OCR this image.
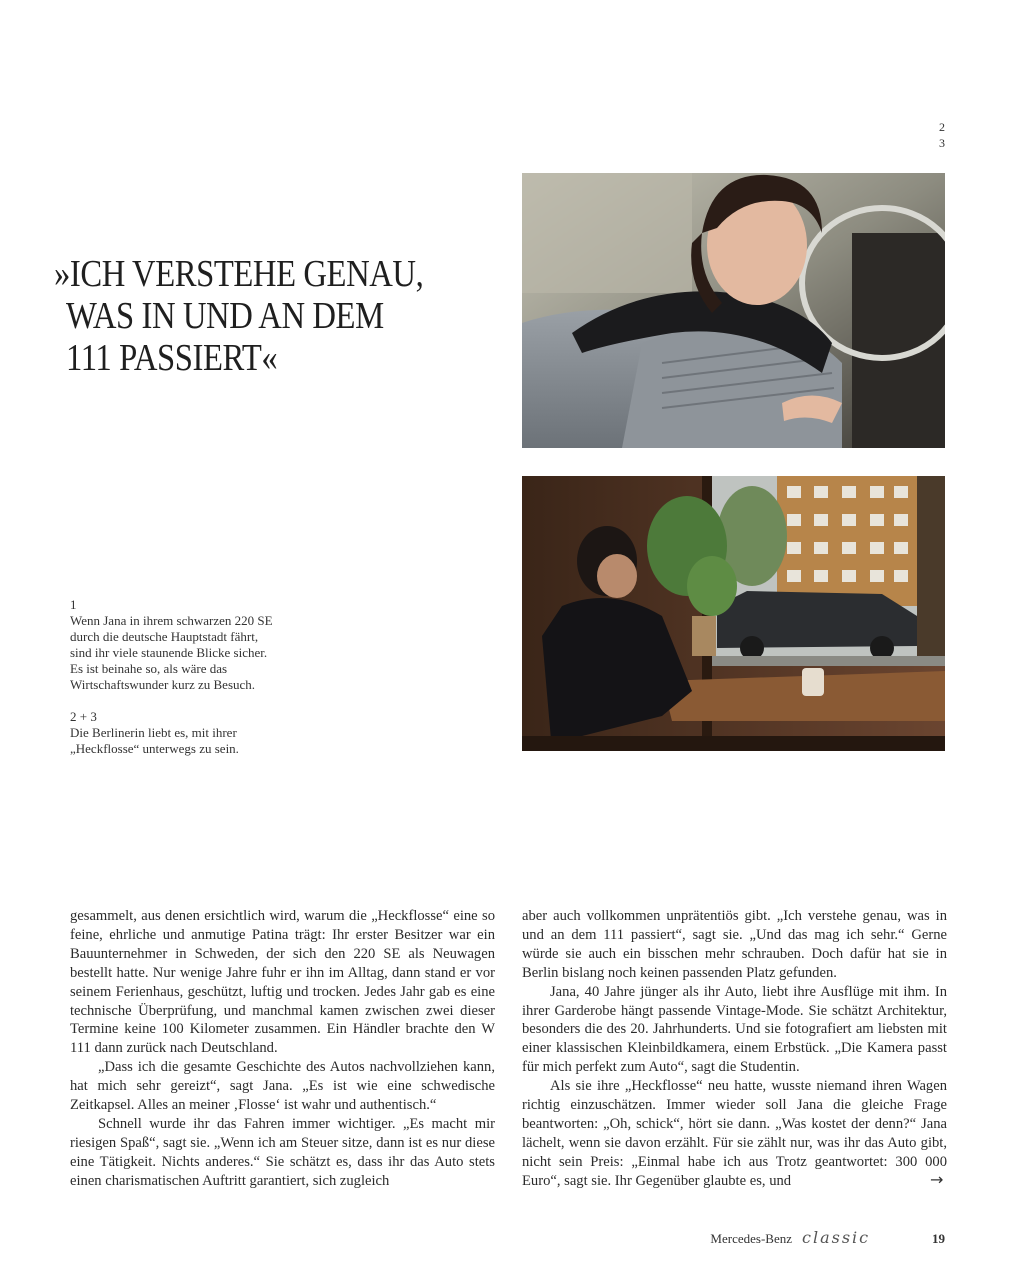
2
3
»ICH VERSTEHE GENAU,
WAS IN UND AN DEM
111 PASSIERT«

1

Wenn Jana in ihrem schwarzen 220 SE

durch die deutsche Hauptstadt fährt,

sind ihr viele staunende Blicke sicher.

Es ist beinahe so, als wäre das

Wirtschaftswunder kurz zu Besuch.

2 + 3

Die Berlinerin liebt es, mit ihrer

„Heckflosse“ unterwegs zu sein.

gesammelt, aus denen ersichtlich wird, warum die „Heckflosse“ eine so feine, ehrliche und anmutige Patina trägt: Ihr erster Besitzer war ein Bauunternehmer in Schweden, der sich den 220 SE als Neuwagen bestellt hatte. Nur wenige Jahre fuhr er ihn im Alltag, dann stand er vor seinem Ferienhaus, geschützt, luftig und trocken. Jedes Jahr gab es eine technische Überprüfung, und manchmal kamen zwischen zwei dieser Termine keine 100 Kilometer zusammen. Ein Händler brachte den W 111 dann zurück nach Deutschland.

„Dass ich die gesamte Geschichte des Autos nachvollziehen kann, hat mich sehr gereizt“, sagt Jana. „Es ist wie eine schwedische Zeitkapsel. Alles an meiner ‚Flosse‘ ist wahr und authentisch.“

Schnell wurde ihr das Fahren immer wichtiger. „Es macht mir riesigen Spaß“, sagt sie. „Wenn ich am Steuer sitze, dann ist es nur diese eine Tätigkeit. Nichts anderes.“ Sie schätzt es, dass ihr das Auto stets einen charismatischen Auftritt garantiert, sich zugleich

aber auch vollkommen unprätentiös gibt. „Ich verstehe genau, was in und an dem 111 passiert“, sagt sie. „Und das mag ich sehr.“ Gerne würde sie auch ein bisschen mehr schrauben. Doch dafür hat sie in Berlin bislang noch keinen passenden Platz gefunden.

Jana, 40 Jahre jünger als ihr Auto, liebt ihre Ausflüge mit ihm. In ihrer Garderobe hängt passende Vintage-Mode. Sie schätzt Architektur, besonders die des 20. Jahrhunderts. Und sie fotografiert am liebsten mit einer klassischen Kleinbildkamera, einem Erbstück. „Die Kamera passt für mich perfekt zum Auto“, sagt die Studentin.

Als sie ihre „Heckflosse“ neu hatte, wusste niemand ihren Wagen richtig einzuschätzen. Immer wieder soll Jana die gleiche Frage beantworten: „Oh, schick“, hört sie dann. „Was kostet der denn?“ Jana lächelt, wenn sie davon erzählt. Für sie zählt nur, was ihr das Auto gibt, nicht sein Preis: „Einmal habe ich aus Trotz geantwortet: 300 000 Euro“, sagt sie. Ihr Gegenüber glaubte es, und	→
Mercedes-Benz classic	19
